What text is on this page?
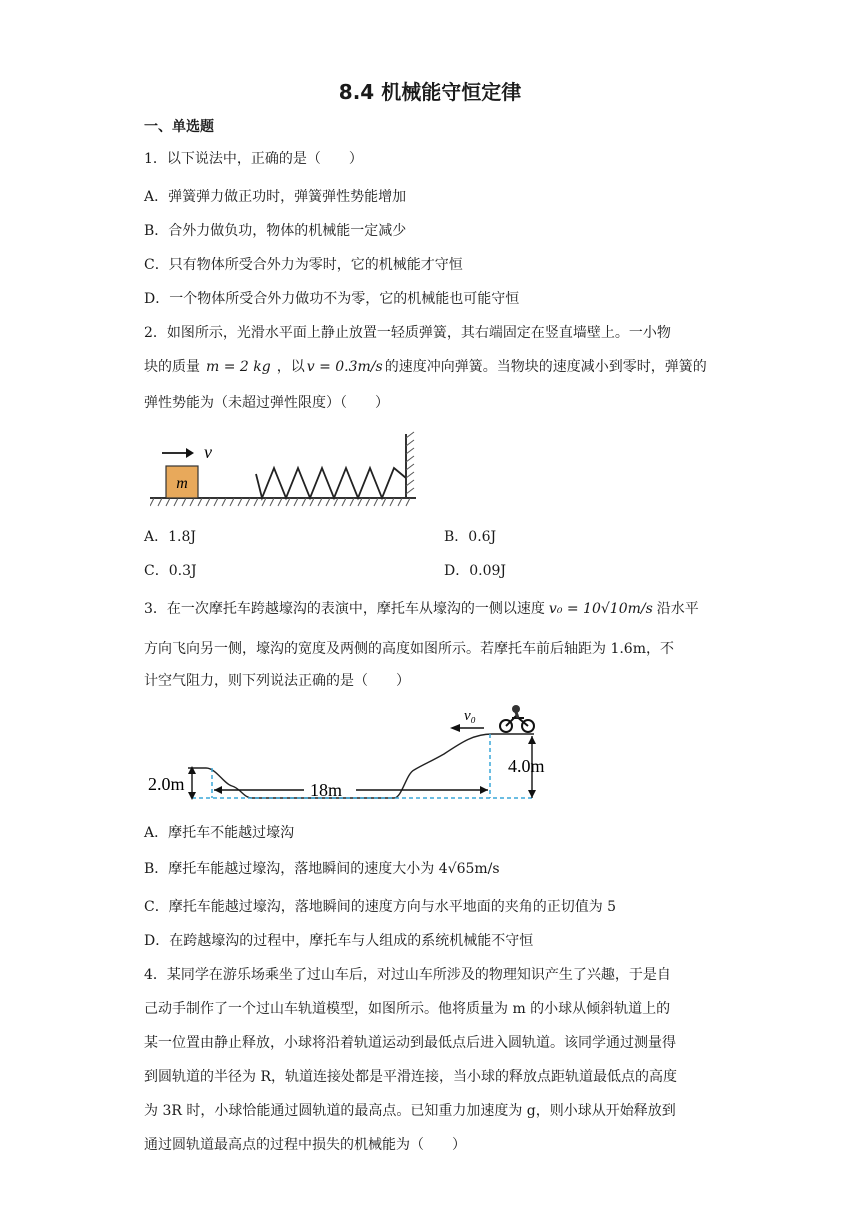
8.4 机械能守恒定律
一、单选题
1．以下说法中，正确的是（　　）
A．弹簧弹力做正功时，弹簧弹性势能增加
B．合外力做负功，物体的机械能一定减少
C．只有物体所受合外力为零时，它的机械能才守恒
D．一个物体所受合外力做功不为零，它的机械能也可能守恒
2．如图所示，光滑水平面上静止放置一轻质弹簧，其右端固定在竖直墙壁上。一小物
块的质量 m = 2 kg ，以 v = 0.3m/s 的速度冲向弹簧。当物块的速度减小到零时，弹簧的
弹性势能为（未超过弹性限度）（　　）
m
v
A．1.8J	B．0.6J
C．0.3J	D．0.09J
3．在一次摩托车跨越壕沟的表演中，摩托车从壕沟的一侧以速度 v₀ = 10√10m/s 沿水平
方向飞向另一侧，壕沟的宽度及两侧的高度如图所示。若摩托车前后轴距为 1.6m，不
计空气阻力，则下列说法正确的是（　　）
2.0m	18m
4.0m
v₀
A．摩托车不能越过壕沟
B．摩托车能越过壕沟，落地瞬间的速度大小为 4√65m/s
C．摩托车能越过壕沟，落地瞬间的速度方向与水平地面的夹角的正切值为 5
D．在跨越壕沟的过程中，摩托车与人组成的系统机械能不守恒
4．某同学在游乐场乘坐了过山车后，对过山车所涉及的物理知识产生了兴趣，于是自
己动手制作了一个过山车轨道模型，如图所示。他将质量为 m 的小球从倾斜轨道上的
某一位置由静止释放，小球将沿着轨道运动到最低点后进入圆轨道。该同学通过测量得
到圆轨道的半径为 R，轨道连接处都是平滑连接，当小球的释放点距轨道最低点的高度
为 3R 时，小球恰能通过圆轨道的最高点。已知重力加速度为 g，则小球从开始释放到
通过圆轨道最高点的过程中损失的机械能为（　　）
